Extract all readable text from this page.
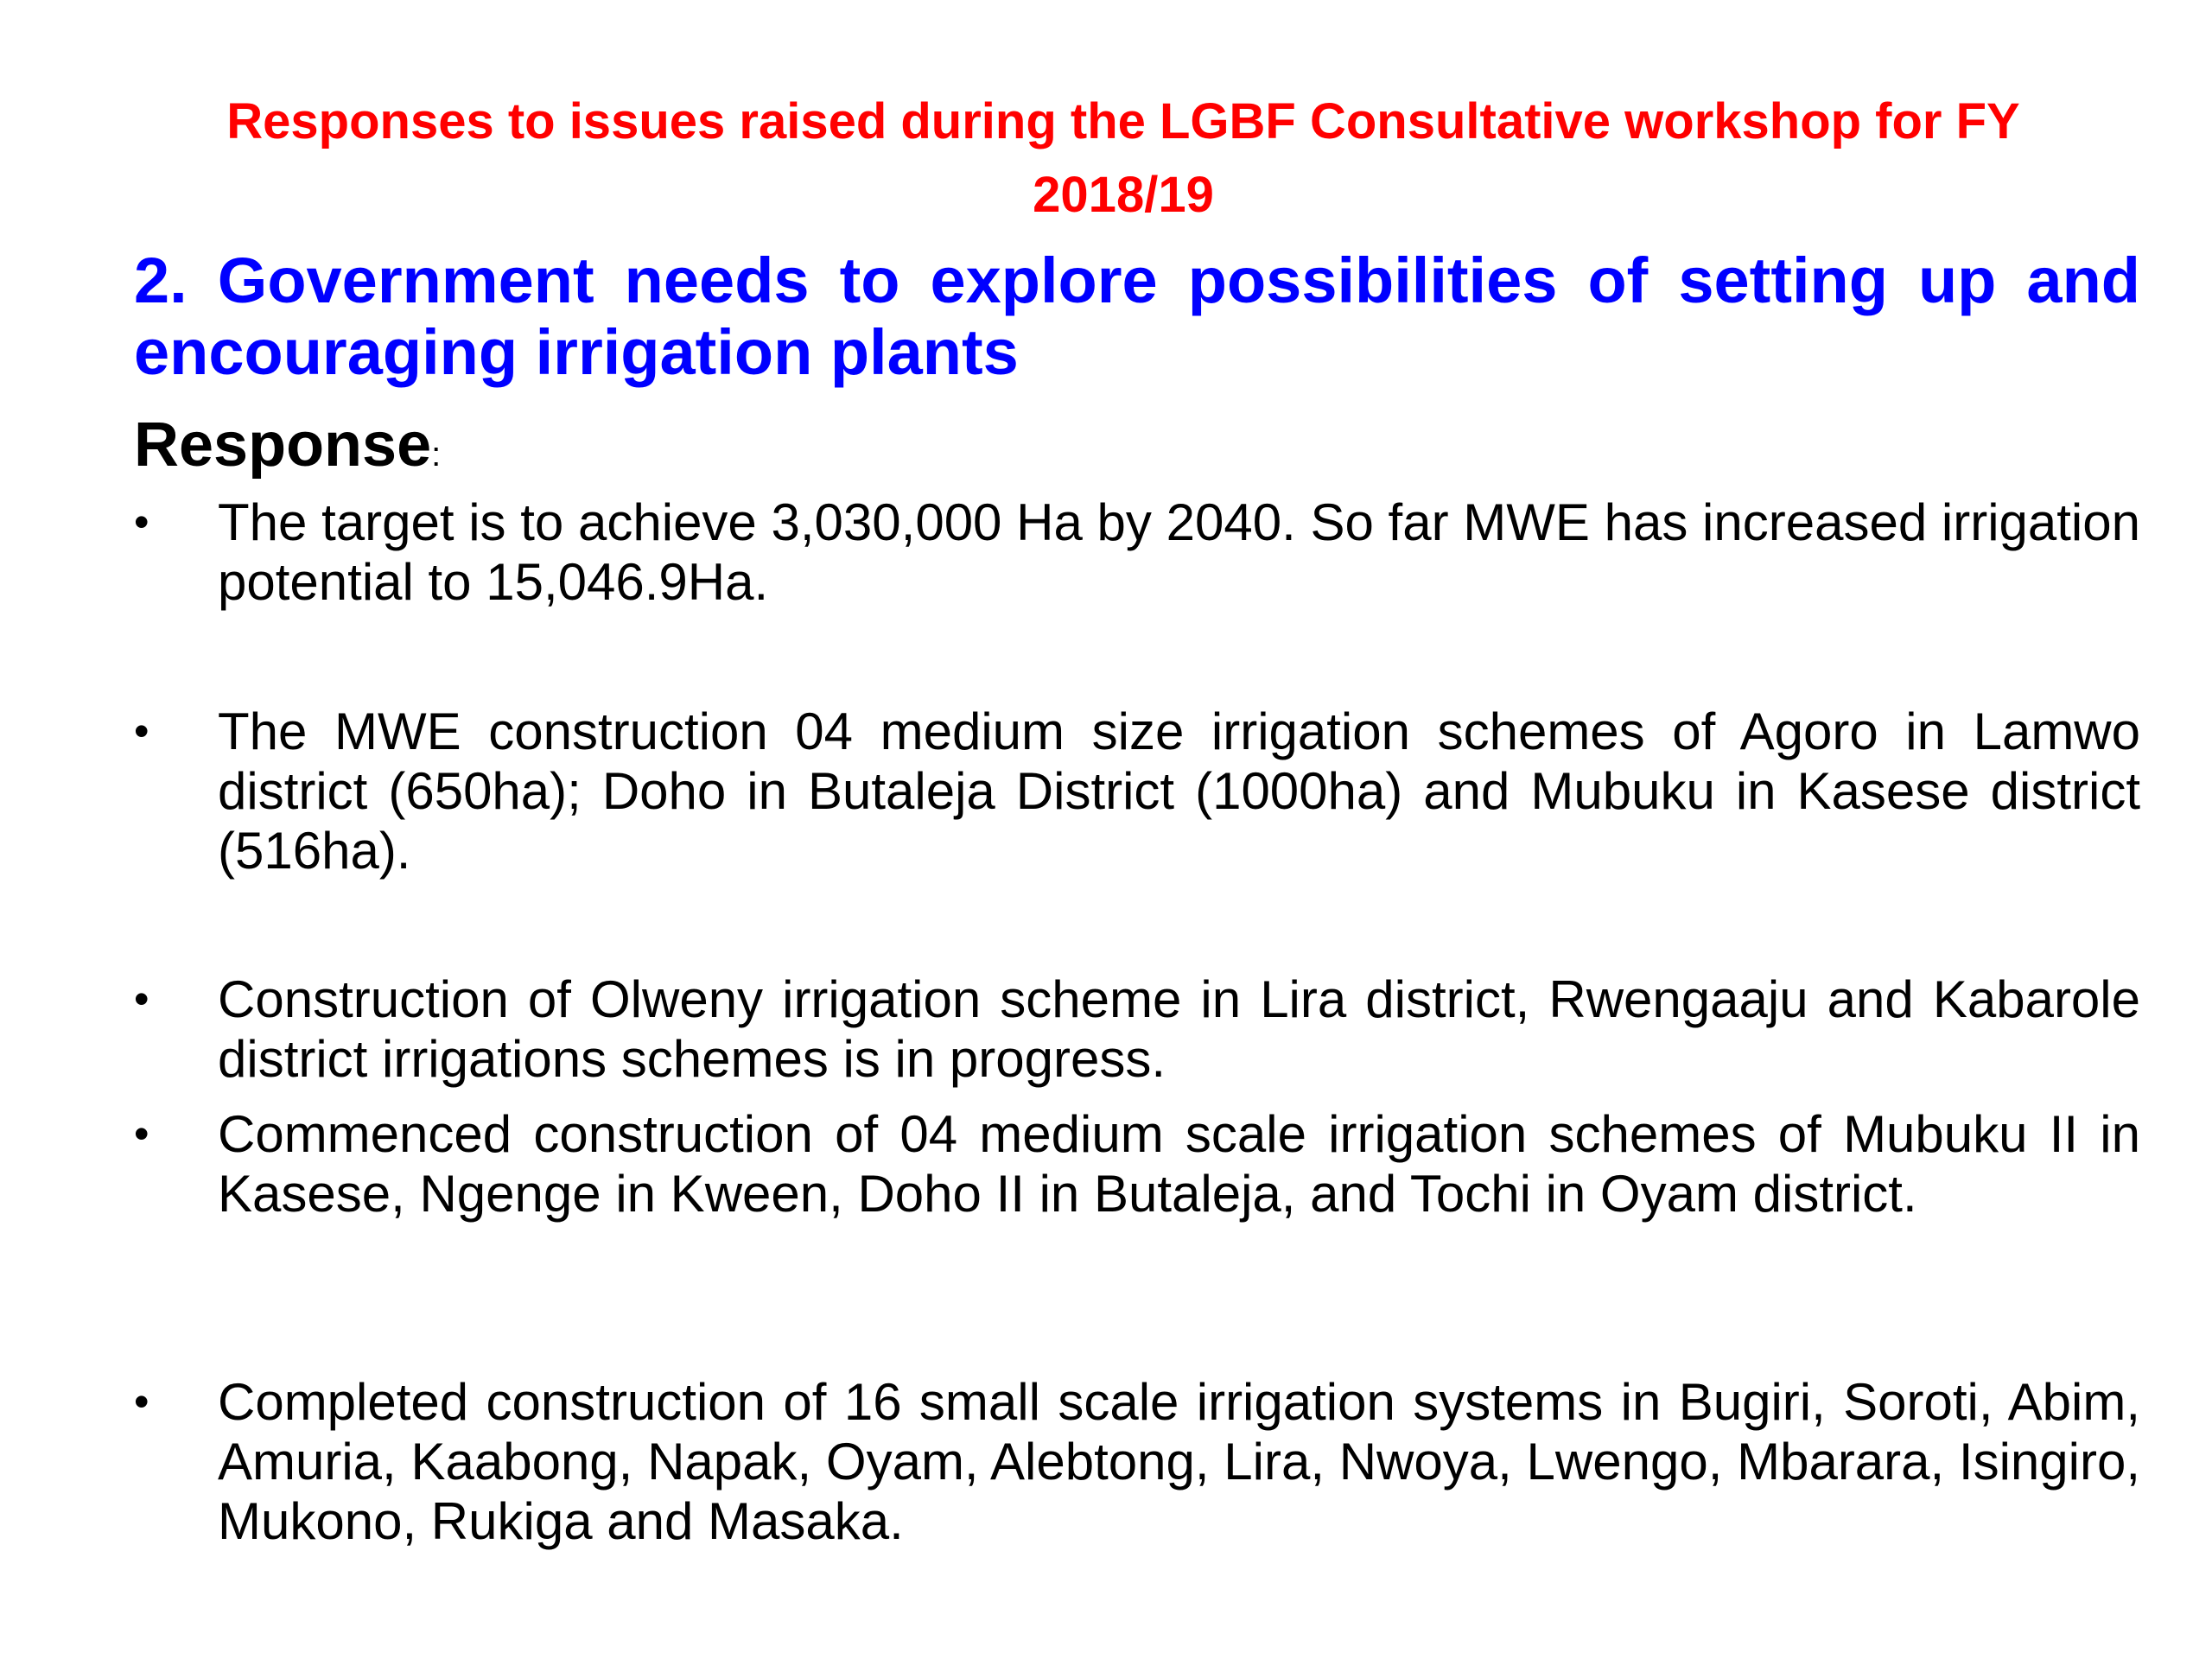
Responses to issues raised during the LGBF Consultative workshop for FY 2018/19
2. Government needs to explore possibilities of setting up and encouraging irrigation plants
Response:
• The target is to achieve 3,030,000 Ha by 2040. So far MWE has increased irrigation potential to 15,046.9Ha.
• The MWE construction 04 medium size irrigation schemes of Agoro in Lamwo district (650ha); Doho in Butaleja District (1000ha) and Mubuku in Kasese district (516ha).
• Construction of Olweny irrigation scheme in Lira district, Rwengaaju and Kabarole district irrigations schemes is in progress.
• Commenced construction of 04 medium scale irrigation schemes of Mubuku II in Kasese, Ngenge in Kween, Doho II in Butaleja, and Tochi in Oyam district.
• Completed construction of 16 small scale irrigation systems in Bugiri, Soroti, Abim, Amuria, Kaabong, Napak, Oyam, Alebtong, Lira, Nwoya, Lwengo, Mbarara, Isingiro, Mukono, Rukiga and Masaka.
